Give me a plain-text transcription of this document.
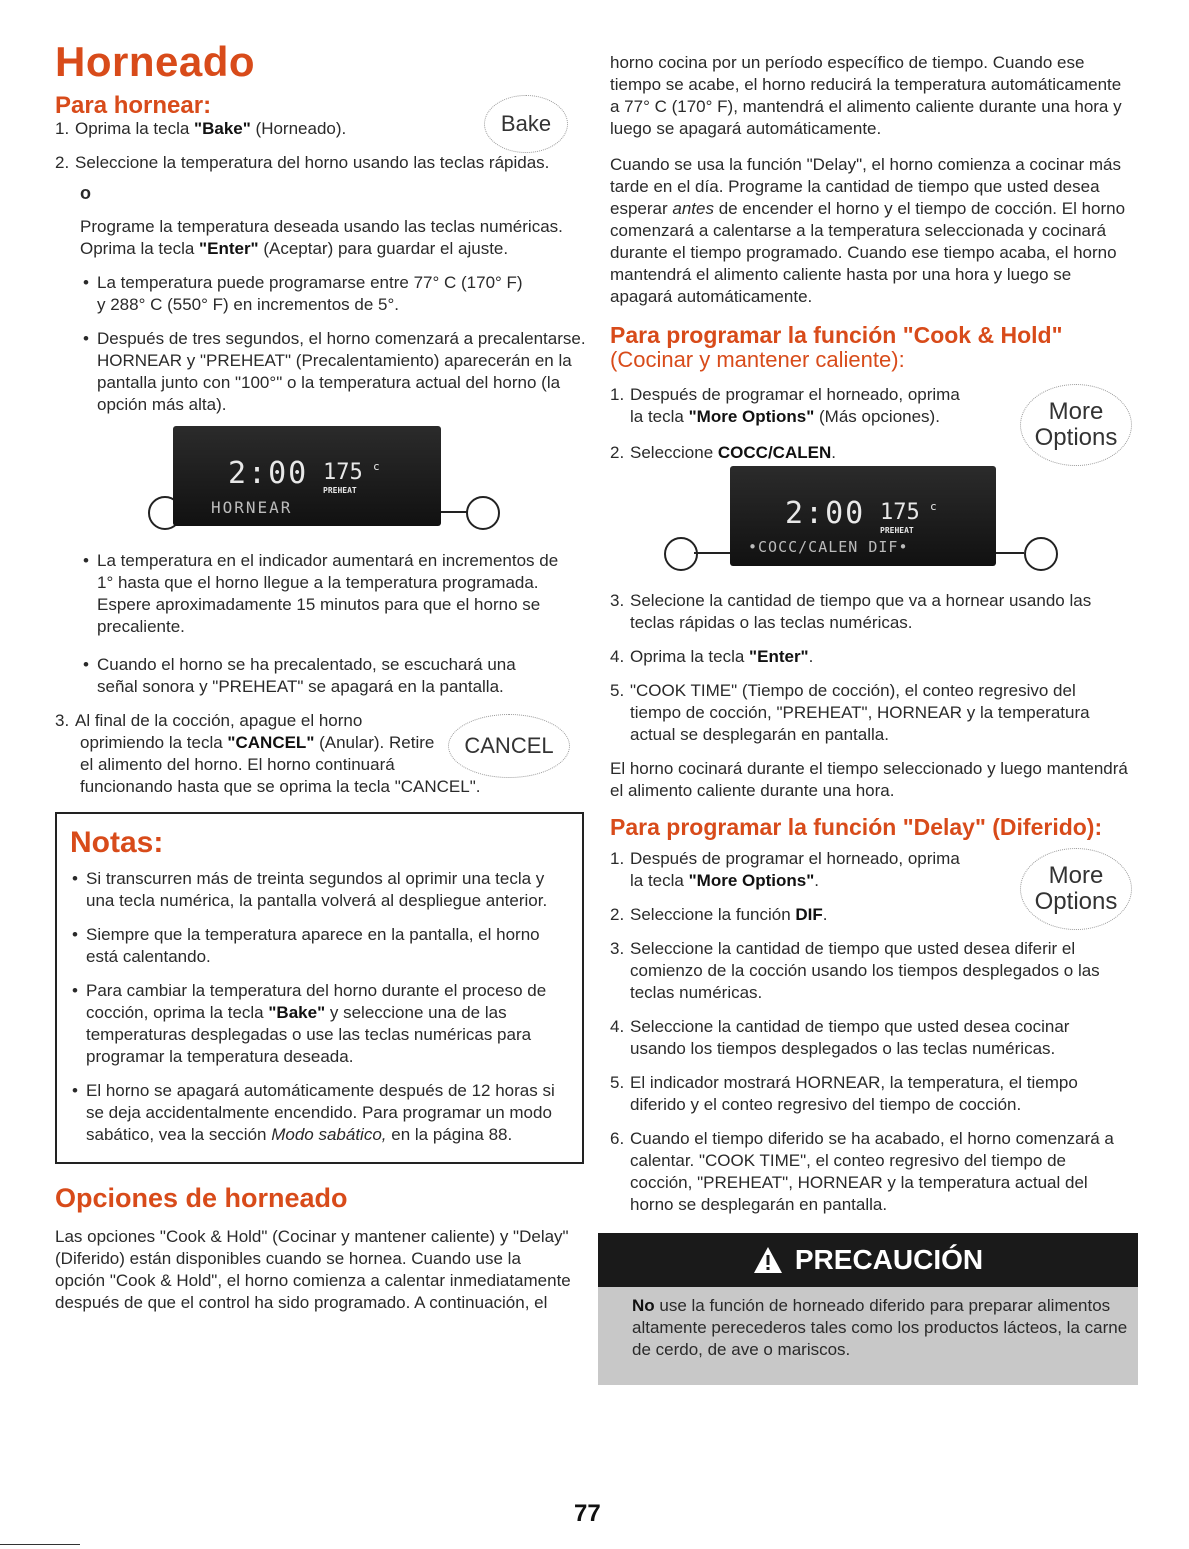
Horneado
Para hornear:

1. Oprima la tecla "Bake" (Horneado).	Bake

2. Seleccione la temperatura del horno usando las teclas rápidas.

o

Programe la temperatura deseada usando las teclas numéricas.

Oprima la tecla "Enter" (Aceptar) para guardar el ajuste.

• La temperatura puede programarse entre 77° C (170° F)

y 288° C (550° F) en incrementos de 5°.

• Después de tres segundos, el horno comenzará a precalentarse.

HORNEAR y "PREHEAT" (Precalentamiento) aparecerán en la

pantalla junto con "100°" o la temperatura actual del horno (la

opción más alta).

2:00 175 c
PREHEAT
HORNEAR

• La temperatura en el indicador aumentará en incrementos de

1° hasta que el horno llegue a la temperatura programada.

Espere aproximadamente 15 minutos para que el horno se

precaliente.

• Cuando el horno se ha precalentado, se escuchará una

señal sonora y "PREHEAT" se apagará en la pantalla.

3. Al final de la cocción, apague el horno

oprimiendo la tecla "CANCEL" (Anular). Retire

el alimento del horno. El horno continuará

funcionando hasta que se oprima la tecla "CANCEL".

CANCEL
Notas:

• Si transcurren más de treinta segundos al oprimir una tecla y

una tecla numérica, la pantalla volverá al despliegue anterior.

• Siempre que la temperatura aparece en la pantalla, el horno

está calentando.

• Para cambiar la temperatura del horno durante el proceso de

cocción, oprima la tecla "Bake" y seleccione una de las

temperaturas desplegadas o use las teclas numéricas para

programar la temperatura deseada.

• El horno se apagará automáticamente después de 12 horas si

se deja accidentalmente encendido. Para programar un modo

sabático, vea la sección Modo sabático, en la página 88.

Opciones de horneado

Las opciones "Cook & Hold" (Cocinar y mantener caliente) y "Delay"

(Diferido) están disponibles cuando se hornea. Cuando use la

opción "Cook & Hold", el horno comienza a calentar inmediatamente

después de que el control ha sido programado. A continuación, el

horno cocina por un período específico de tiempo. Cuando ese

tiempo se acabe, el horno reducirá la temperatura automáticamente

a 77° C (170° F), mantendrá el alimento caliente durante una hora y

luego se apagará automáticamente.

Cuando se usa la función "Delay", el horno comienza a cocinar más

tarde en el día. Programe la cantidad de tiempo que usted desea

esperar antes de encender el horno y el tiempo de cocción. El horno

comenzará a calentarse a la temperatura seleccionada y cocinará

durante el tiempo programado. Cuando ese tiempo acaba, el horno

mantendrá el alimento caliente hasta por una hora y luego se

apagará automáticamente.

Para programar la función "Cook & Hold"
(Cocinar y mantener caliente):

1. Después de programar el horneado, oprima

la tecla "More Options" (Más opciones).	More
Options

2. Seleccione COCC/CALEN.

2:00 175 c
PREHEAT
•COCC/CALEN DIF•

3. Selecione la cantidad de tiempo que va a hornear usando las

teclas rápidas o las teclas numéricas.

4. Oprima la tecla "Enter".

5. "COOK TIME" (Tiempo de cocción), el conteo regresivo del

tiempo de cocción, "PREHEAT", HORNEAR y la temperatura

actual se desplegarán en pantalla.

El horno cocinará durante el tiempo seleccionado y luego mantendrá

el alimento caliente durante una hora.

Para programar la función "Delay" (Diferido):

1. Después de programar el horneado, oprima

la tecla "More Options".	More
Options

2. Seleccione la función DIF.

3. Seleccione la cantidad de tiempo que usted desea diferir el

comienzo de la cocción usando los tiempos desplegados o las

teclas numéricas.

4. Seleccione la cantidad de tiempo que usted desea cocinar

usando los tiempos desplegados o las teclas numéricas.

5. El indicador mostrará HORNEAR, la temperatura, el tiempo

diferido y el conteo regresivo del tiempo de cocción.

6. Cuando el tiempo diferido se ha acabado, el horno comenzará a

calentar. "COOK TIME", el conteo regresivo del tiempo de

cocción, "PREHEAT", HORNEAR y la temperatura actual del

horno se desplegarán en pantalla.

PRECAUCIÓN

No use la función de horneado diferido para preparar alimentos

altamente perecederos tales como los productos lácteos, la carne

de cerdo, de ave o mariscos.

77
